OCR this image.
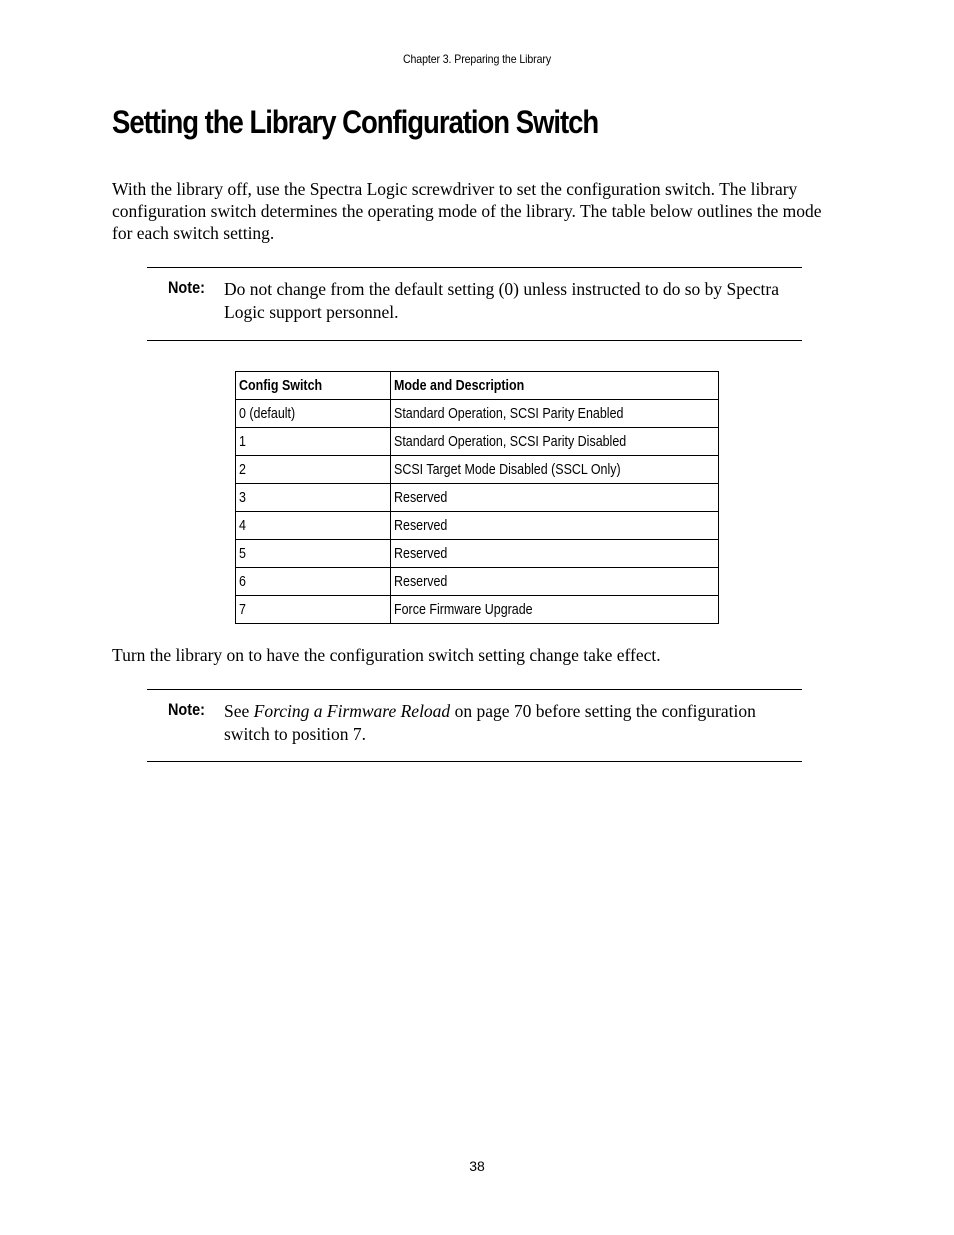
Chapter 3. Preparing the Library
Setting the Library Configuration Switch

With the library off, use the Spectra Logic screwdriver to set the configuration switch. The library configuration switch determines the operating mode of the library. The table below outlines the mode for each switch setting.

Note: Do not change from the default setting (0) unless instructed to do so by Spectra Logic support personnel.
Config Switch	Mode and Description
0 (default)	Standard Operation, SCSI Parity Enabled
1	Standard Operation, SCSI Parity Disabled
2	SCSI Target Mode Disabled (SSCL Only)
3	Reserved
4	Reserved
5	Reserved
6	Reserved
7	Force Firmware Upgrade

Turn the library on to have the configuration switch setting change take effect.

Note: See Forcing a Firmware Reload on page 70 before setting the configuration switch to position 7.
38
